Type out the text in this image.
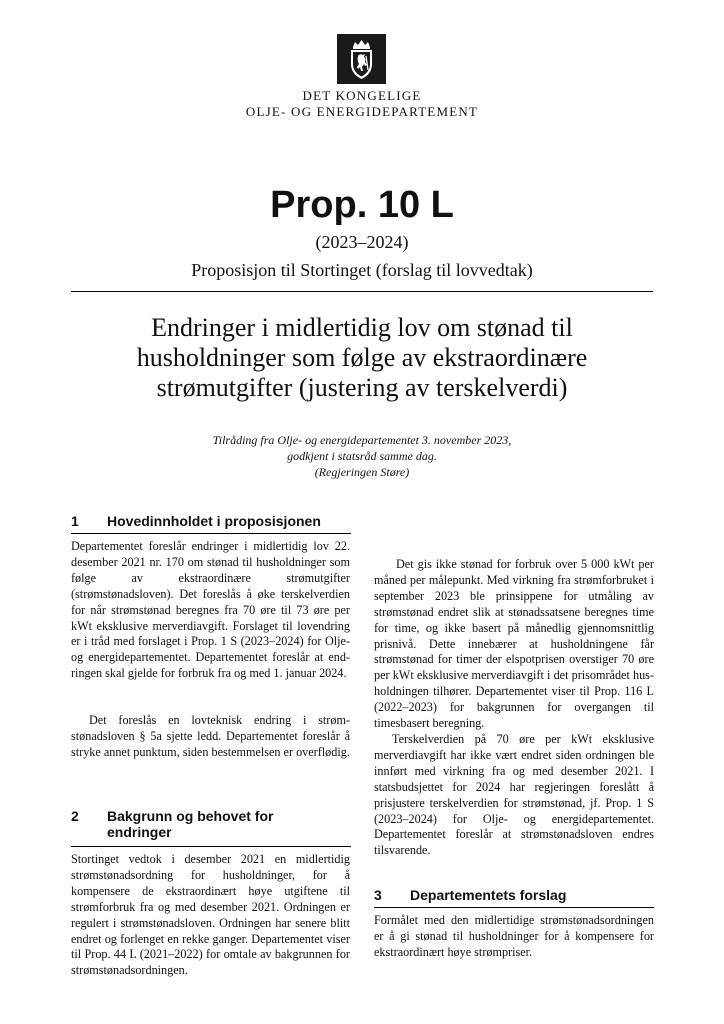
DET KONGELIGE
OLJE- OG ENERGIDEPARTEMENT
Prop. 10 L
(2023–2024)
Proposisjon til Stortinget (forslag til lovvedtak)
Endringer i midlertidig lov om stønad til
husholdninger som følge av ekstraordinære
strømutgifter (justering av terskelverdi)
Tilråding fra Olje- og energidepartementet 3. november 2023,
godkjent i statsråd samme dag.
(Regjeringen Støre)
1 Hovedinnholdet i proposisjonen
Departementet foreslår endringer i midlertidig lov 22. desember 2021 nr. 170 om stønad til husholdninger som følge av ekstraordinære strømutgifter (strømstønadsloven). Det foreslås å øke terskelverdien for når strømstønad beregnes fra 70 øre til 73 øre per kWt eksklusive merverdiavgift. Forslaget til lovendring er i tråd med forslaget i Prop. 1 S (2023–2024) for Olje- og energidepartementet. Departementet foreslår at endringen skal gjelde for forbruk fra og med 1. januar 2024.
Det foreslås en lovteknisk endring i strømstønadsloven § 5a sjette ledd. Departementet foreslår å stryke annet punktum, siden bestemmelsen er overflødig.
2 Bakgrunn og behovet for endringer
Stortinget vedtok i desember 2021 en midlertidig strømstønadsordning for husholdninger, for å kompensere de ekstraordinært høye utgiftene til strømforbruk fra og med desember 2021. Ordningen er regulert i strømstønadsloven. Ordningen har senere blitt endret og forlenget en rekke ganger. Departementet viser til Prop. 44 L (2021–2022) for omtale av bakgrunnen for strømstønadsordningen.
Det gis ikke stønad for forbruk over 5 000 kWt per måned per målepunkt. Med virkning fra strømforbruket i september 2023 ble prinsippene for utmåling av strømstønad endret slik at stønadssatsene beregnes time for time, og ikke basert på månedlig gjennomsnittlig prisnivå. Dette innebærer at husholdningene får strømstønad for timer der elspotprisen overstiger 70 øre per kWt eksklusive merverdiavgift i det prisområdet husholdningen tilhører. Departementet viser til Prop. 116 L (2022–2023) for bakgrunnen for overgangen til timesbasert beregning.
Terskelverdien på 70 øre per kWt eksklusive merverdiavgift har ikke vært endret siden ordningen ble innført med virkning fra og med desember 2021. I statsbudsjettet for 2024 har regjeringen foreslått å prisjustere terskelverdien for strømstønad, jf. Prop. 1 S (2023–2024) for Olje- og energidepartementet. Departementet foreslår at strømstønadsloven endres tilsvarende.
3 Departementets forslag
Formålet med den midlertidige strømstønadsordningen er å gi stønad til husholdninger for å kompensere for ekstraordinært høye strømpriser.
